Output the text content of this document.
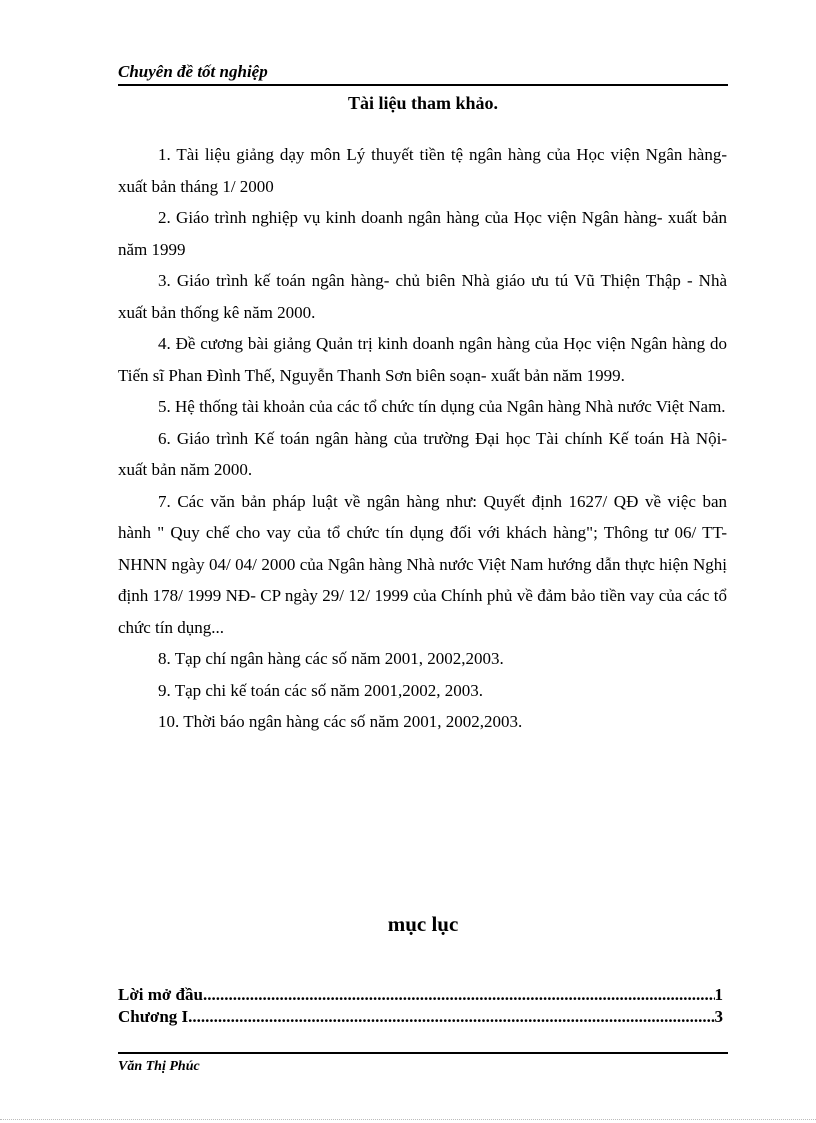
Chuyên đề tốt nghiệp
Tài liệu tham khảo.
1. Tài liệu giảng dạy môn Lý thuyết tiền tệ ngân hàng của Học viện Ngân hàng- xuất bản tháng 1/ 2000
2. Giáo trình nghiệp vụ kinh doanh ngân hàng của Học viện Ngân hàng- xuất bản năm 1999
3. Giáo trình kế toán ngân hàng- chủ biên Nhà giáo ưu tú Vũ Thiện Thập - Nhà xuất bản thống kê năm 2000.
4. Đề cương bài giảng Quản trị kinh doanh ngân hàng của Học viện Ngân hàng do Tiến sĩ Phan Đình Thế, Nguyễn Thanh Sơn biên soạn- xuất bản năm 1999.
5. Hệ thống tài khoản của các tổ chức tín dụng của Ngân hàng Nhà nước Việt Nam.
6. Giáo trình Kế toán ngân hàng của trường Đại học Tài chính Kế toán Hà Nội- xuất bản năm 2000.
7. Các văn bản pháp luật về ngân hàng như: Quyết định 1627/ QĐ về việc ban hành " Quy chế cho vay của tổ chức tín dụng đối với khách hàng"; Thông tư 06/ TT-NHNN ngày 04/ 04/ 2000 của Ngân hàng Nhà nước Việt Nam hướng dẫn thực hiện Nghị định 178/ 1999 NĐ- CP ngày 29/ 12/ 1999 của Chính phủ về đảm bảo tiền vay của các tổ chức tín dụng...
8. Tạp chí ngân hàng các số năm 2001, 2002,2003.
9. Tạp chi kế toán các số năm 2001,2002, 2003.
10. Thời báo ngân hàng các số năm 2001, 2002,2003.
mục lục
Lời mở đầu. .....	1
Chương I .....	3
Văn Thị Phúc
